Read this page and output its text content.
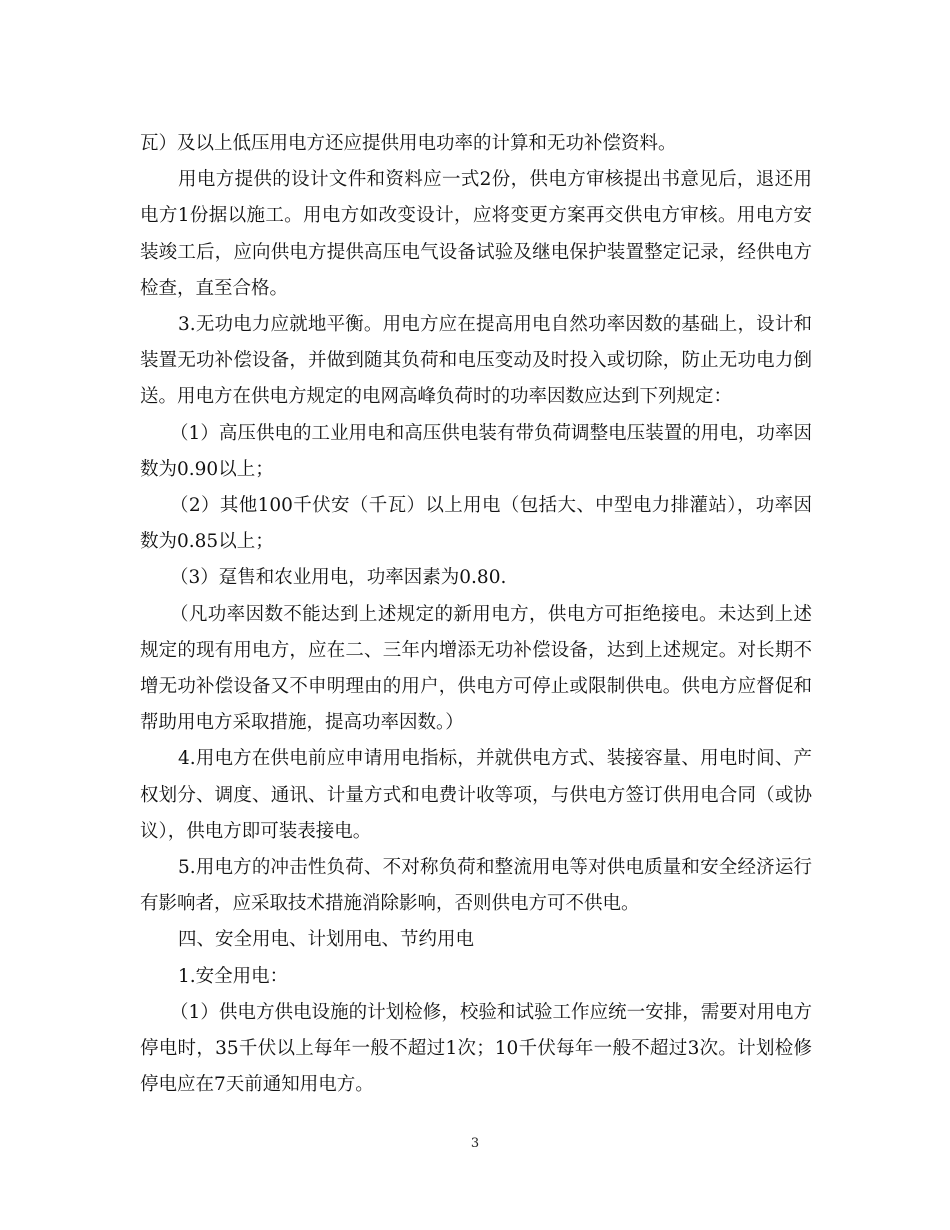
瓦）及以上低压用电方还应提供用电功率的计算和无功补偿资料。

用电方提供的设计文件和资料应一式2份，供电方审核提出书意见后，退还用电方1份据以施工。用电方如改变设计，应将变更方案再交供电方审核。用电方安装竣工后，应向供电方提供高压电气设备试验及继电保护装置整定记录，经供电方检查，直至合格。

3.无功电力应就地平衡。用电方应在提高用电自然功率因数的基础上，设计和装置无功补偿设备，并做到随其负荷和电压变动及时投入或切除，防止无功电力倒送。用电方在供电方规定的电网高峰负荷时的功率因数应达到下列规定：

（1）高压供电的工业用电和高压供电装有带负荷调整电压装置的用电，功率因数为0.90以上；

（2）其他100千伏安（千瓦）以上用电（包括大、中型电力排灌站），功率因数为0.85以上；

（3）趸售和农业用电，功率因素为0.80.

（凡功率因数不能达到上述规定的新用电方，供电方可拒绝接电。未达到上述规定的现有用电方，应在二、三年内增添无功补偿设备，达到上述规定。对长期不增无功补偿设备又不申明理由的用户，供电方可停止或限制供电。供电方应督促和帮助用电方采取措施，提高功率因数。）

4.用电方在供电前应申请用电指标，并就供电方式、装接容量、用电时间、产权划分、调度、通讯、计量方式和电费计收等项，与供电方签订供用电合同（或协议），供电方即可装表接电。

5.用电方的冲击性负荷、不对称负荷和整流用电等对供电质量和安全经济运行有影响者，应采取技术措施消除影响，否则供电方可不供电。

四、安全用电、计划用电、节约用电

1.安全用电：

（1）供电方供电设施的计划检修，校验和试验工作应统一安排，需要对用电方停电时，35千伏以上每年一般不超过1次；10千伏每年一般不超过3次。计划检修停电应在7天前通知用电方。

3
